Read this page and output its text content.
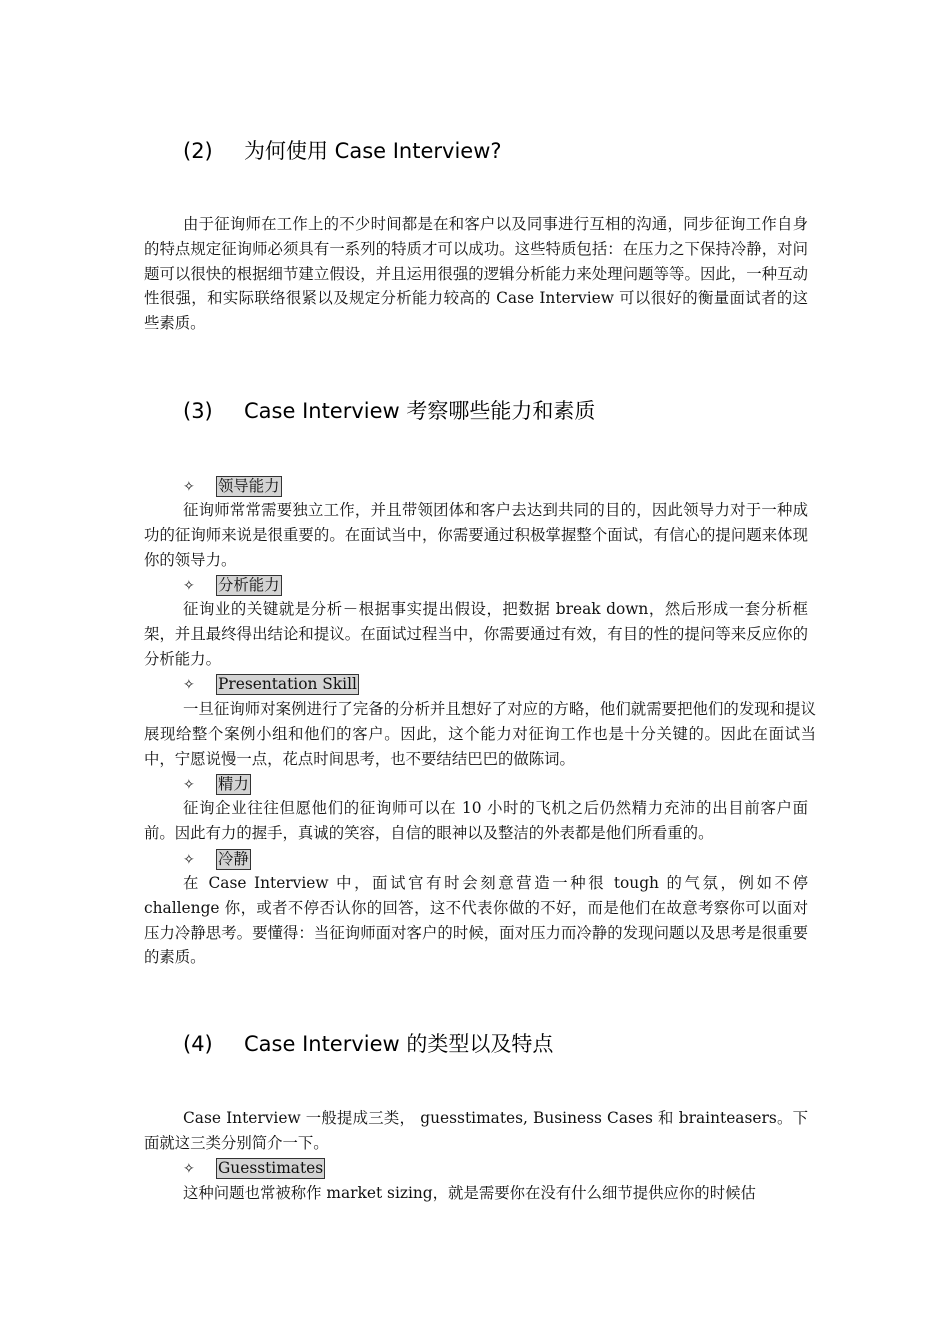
(2) 为何使用 Case Interview?

由于征询师在工作上的不少时间都是在和客户以及同事进行互相的沟通，同步征询工作自身的特点规定征询师必须具有一系列的特质才可以成功。这些特质包括：在压力之下保持冷静，对问题可以很快的根据细节建立假设，并且运用很强的逻辑分析能力来处理问题等等。因此，一种互动性很强，和实际联络很紧以及规定分析能力较高的 Case Interview 可以很好的衡量面试者的这些素质。

(3) Case Interview 考察哪些能力和素质
✧ 领导能力

征询师常常需要独立工作，并且带领团体和客户去达到共同的目的，因此领导力对于一种成功的征询师来说是很重要的。在面试当中，你需要通过积极掌握整个面试，有信心的提问题来体现你的领导力。

✧ 分析能力

征询业的关键就是分析－根据事实提出假设，把数据 break down，然后形成一套分析框架，并且最终得出结论和提议。在面试过程当中，你需要通过有效，有目的性的提问等来反应你的分析能力。

✧ Presentation Skill

一旦征询师对案例进行了完备的分析并且想好了对应的方略，他们就需要把他们的发现和提议展现给整个案例小组和他们的客户。因此，这个能力对征询工作也是十分关键的。因此在面试当中，宁愿说慢一点，花点时间思考，也不要结结巴巴的做陈词。

✧ 精力

征询企业往往但愿他们的征询师可以在 10 小时的飞机之后仍然精力充沛的出目前客户面前。因此有力的握手，真诚的笑容，自信的眼神以及整洁的外表都是他们所看重的。

✧ 冷静

在 Case Interview 中，面试官有时会刻意营造一种很 tough 的气氛，例如不停 challenge 你，或者不停否认你的回答，这不代表你做的不好，而是他们在故意考察你可以面对压力冷静思考。要懂得：当征询师面对客户的时候，面对压力而冷静的发现问题以及思考是很重要的素质。

(4) Case Interview 的类型以及特点

Case Interview 一般提成三类， guesstimates, Business Cases 和 brainteasers。下面就这三类分别简介一下。

✧ Guesstimates

这种问题也常被称作 market sizing，就是需要你在没有什么细节提供应你的时候估
